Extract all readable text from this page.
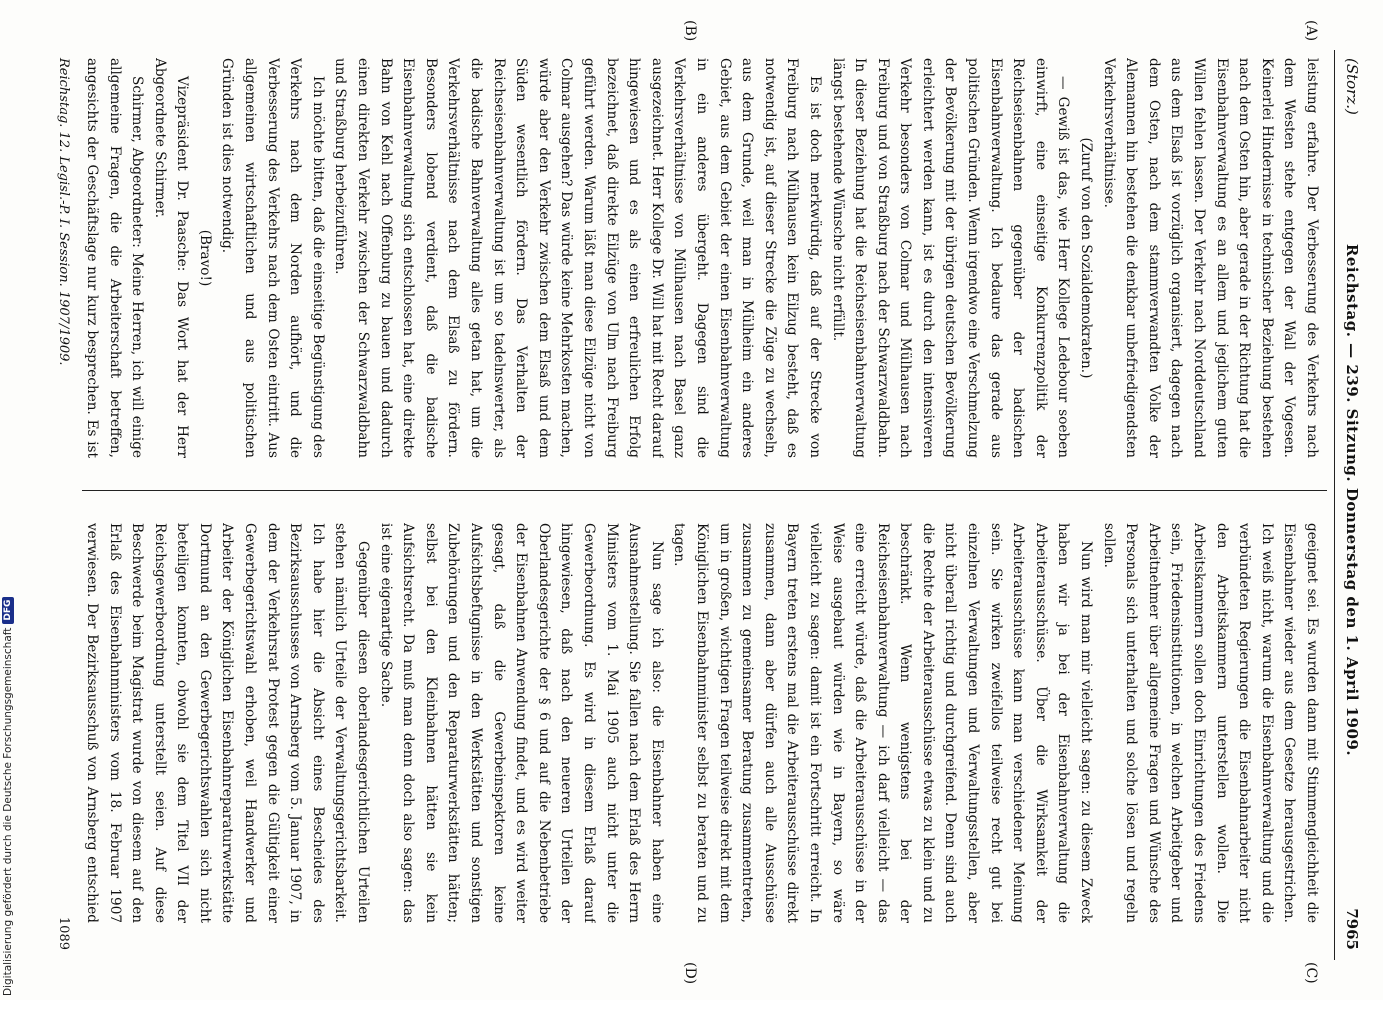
(Storz.)
Reichstag. — 239. Sitzung. Donnerstag den 1. April 1909.
7965
(A)
(B)
(C)
(D)

leistung erfahre. Der Verbesserung des Verkehrs nach dem Westen stehe entgegen der Wall der Vogesen. Keinerlei Hindernisse in technischer Beziehung bestehen nach dem Osten hin, aber gerade in der Richtung hat die Eisenbahnverwaltung es an allem und jeglichem guten Willen fehlen lassen. Der Verkehr nach Norddeutschland aus dem Elsaß ist vorzüglich organisiert, dagegen nach dem Osten, nach dem stammverwandten Volke der Alemannen hin bestehen die denkbar unbefriedigendsten Verkehrsverhältnisse.

(Zuruf von den Sozialdemokraten.)

— Gewiß ist das, wie Herr Kollege Ledebour soeben einwirft, eine einseitige Konkurrenzpolitik der Reichseisenbahnen gegenüber der badischen Eisenbahnverwaltung. Ich bedaure das gerade aus politischen Gründen. Wenn irgendwo eine Verschmelzung der Bevölkerung mit der übrigen deutschen Bevölkerung erleichtert werden kann, ist es durch den intensiveren Verkehr besonders von Colmar und Mülhausen nach Freiburg und von Straßburg nach der Schwarzwaldbahn. In dieser Beziehung hat die Reichseisenbahnverwaltung längst bestehende Wünsche nicht erfüllt.

Es ist doch merkwürdig, daß auf der Strecke von Freiburg nach Mülhausen kein Eilzug besteht, daß es notwendig ist, auf dieser Strecke die Züge zu wechseln, aus dem Grunde, weil man in Mülheim ein anderes Gebiet, aus dem Gebiet der einen Eisenbahnverwaltung in ein anderes übergeht. Dagegen sind die Verkehrsverhältnisse von Mülhausen nach Basel ganz ausgezeichnet. Herr Kollege Dr. Will hat mit Recht darauf hingewiesen und es als einen erfreulichen Erfolg bezeichnet, daß direkte Eilzüge von Ulm nach Freiburg geführt werden. Warum läßt man diese Eilzüge nicht von Colmar ausgehen? Das würde keine Mehrkosten machen, würde aber den Verkehr zwischen dem Elsaß und dem Süden wesentlich fördern. Das Verhalten der Reichseisenbahnverwaltung ist um so tadelnswerter, als die badische Bahnverwaltung alles getan hat, um die Verkehrsverhältnisse nach dem Elsaß zu fördern. Besonders lobend verdient, daß die badische Eisenbahnverwaltung sich entschlossen hat, eine direkte Bahn von Kehl nach Offenburg zu bauen und dadurch einen direkten Verkehr zwischen der Schwarzwaldbahn und Straßburg herbeizuführen.

Ich möchte bitten, daß die einseitige Begünstigung des Verkehrs nach dem Norden aufhört, und die Verbesserung des Verkehrs nach dem Osten eintritt. Aus allgemeinen wirtschaftlichen und aus politischen Gründen ist dies notwendig.

(Bravo!)

Vizepräsident Dr. Paasche: Das Wort hat der Herr Abgeordnete Schirmer.

Schirmer, Abgeordneter: Meine Herren, ich will einige allgemeine Fragen, die die Arbeiterschaft betreffen, angesichts der Geschäftslage nur kurz besprechen. Es ist

geeignet sei. Es wurden dann mit Stimmengleichheit die Eisenbahner wieder aus dem Gesetze herausgestrichen. Ich weiß nicht, warum die Eisenbahnverwaltung und die verbündeten Regierungen die Eisenbahnarbeiter nicht den Arbeitskammern unterstellen wollen. Die Arbeitskammern sollen doch Einrichtungen des Friedens sein, Friedensinstitutionen, in welchen Arbeitgeber und Arbeitnehmer über allgemeine Fragen und Wünsche des Personals sich unterhalten und solche lösen und regeln sollen.

Nun wird man mir vielleicht sagen: zu diesem Zweck haben wir ja bei der Eisenbahnverwaltung die Arbeiterausschüsse. Über die Wirksamkeit der Arbeiterausschüsse kann man verschiedener Meinung sein. Sie wirken zweifellos teilweise recht gut bei einzelnen Verwaltungen und Verwaltungsstellen, aber nicht überall richtig und durchgreifend. Denn sind auch die Rechte der Arbeiterausschüsse etwas zu klein und zu beschränkt. Wenn wenigstens bei der Reichseisenbahnverwaltung — ich darf vielleicht — das eine erreicht würde, daß die Arbeiterausschüsse in der Weise ausgebaut würden wie in Bayern, so wäre vielleicht zu sagen: damit ist ein Fortschritt erreicht. In Bayern treten erstens mal die Arbeiterausschüsse direkt zusammen, dann aber dürfen auch alle Ausschüsse zusammen zu gemeinsamer Beratung zusammentreten, um in großen, wichtigen Fragen teilweise direkt mit dem Königlichen Eisenbahnminister selbst zu beraten und zu tagen.

Nun sage ich also: die Eisenbahner haben eine Ausnahmestellung. Sie fallen nach dem Erlaß des Herrn Ministers vom 1. Mai 1905 auch nicht unter die Gewerbeordnung. Es wird in diesem Erlaß darauf hingewiesen, daß nach den neueren Urteilen der Oberlandesgerichte der § 6 und auf die Nebenbetriebe der Eisenbahnen Anwendung findet, und es wird weiter gesagt, daß die Gewerbeinspektoren keine Aufsichtsbefugnisse in den Werkstätten und sonstigen Zubehörungen und den Reparaturwerkstätten hätten; selbst bei den Kleinbahnen hätten sie kein Aufsichtsrecht. Da muß man denn doch also sagen: das ist eine eigenartige Sache.

Gegenüber diesen oberlandesgerichtlichen Urteilen stehen nämlich Urteile der Verwaltungsgerichtsbarkeit. Ich habe hier die Absicht eines Bescheides des Bezirksausschusses von Arnsberg vom 5. Januar 1907, in dem der Verkehrsrat Protest gegen die Gültigkeit einer Gewerbegerichtswahl erhoben, weil Handwerker und Arbeiter der Königlichen Eisenbahnreparaturwerkstätte Dortmund an den Gewerbegerichtswahlen sich nicht beteiligen konnten, obwohl sie dem Titel VII der Reichsgewerbeordnung unterstellt seien. Auf diese Beschwerde beim Magistrat wurde von diesem auf den Erlaß des Eisenbahnministers vom 18. Februar 1907 verwiesen. Der Bezirksausschuß von Arnsberg entschied

Reichstag. 12. Legisl.-P. I. Session. 1907/1909.
1089
Digitalisierung gefördert durch die Deutsche Forschungsgemeinschaft
DFG
